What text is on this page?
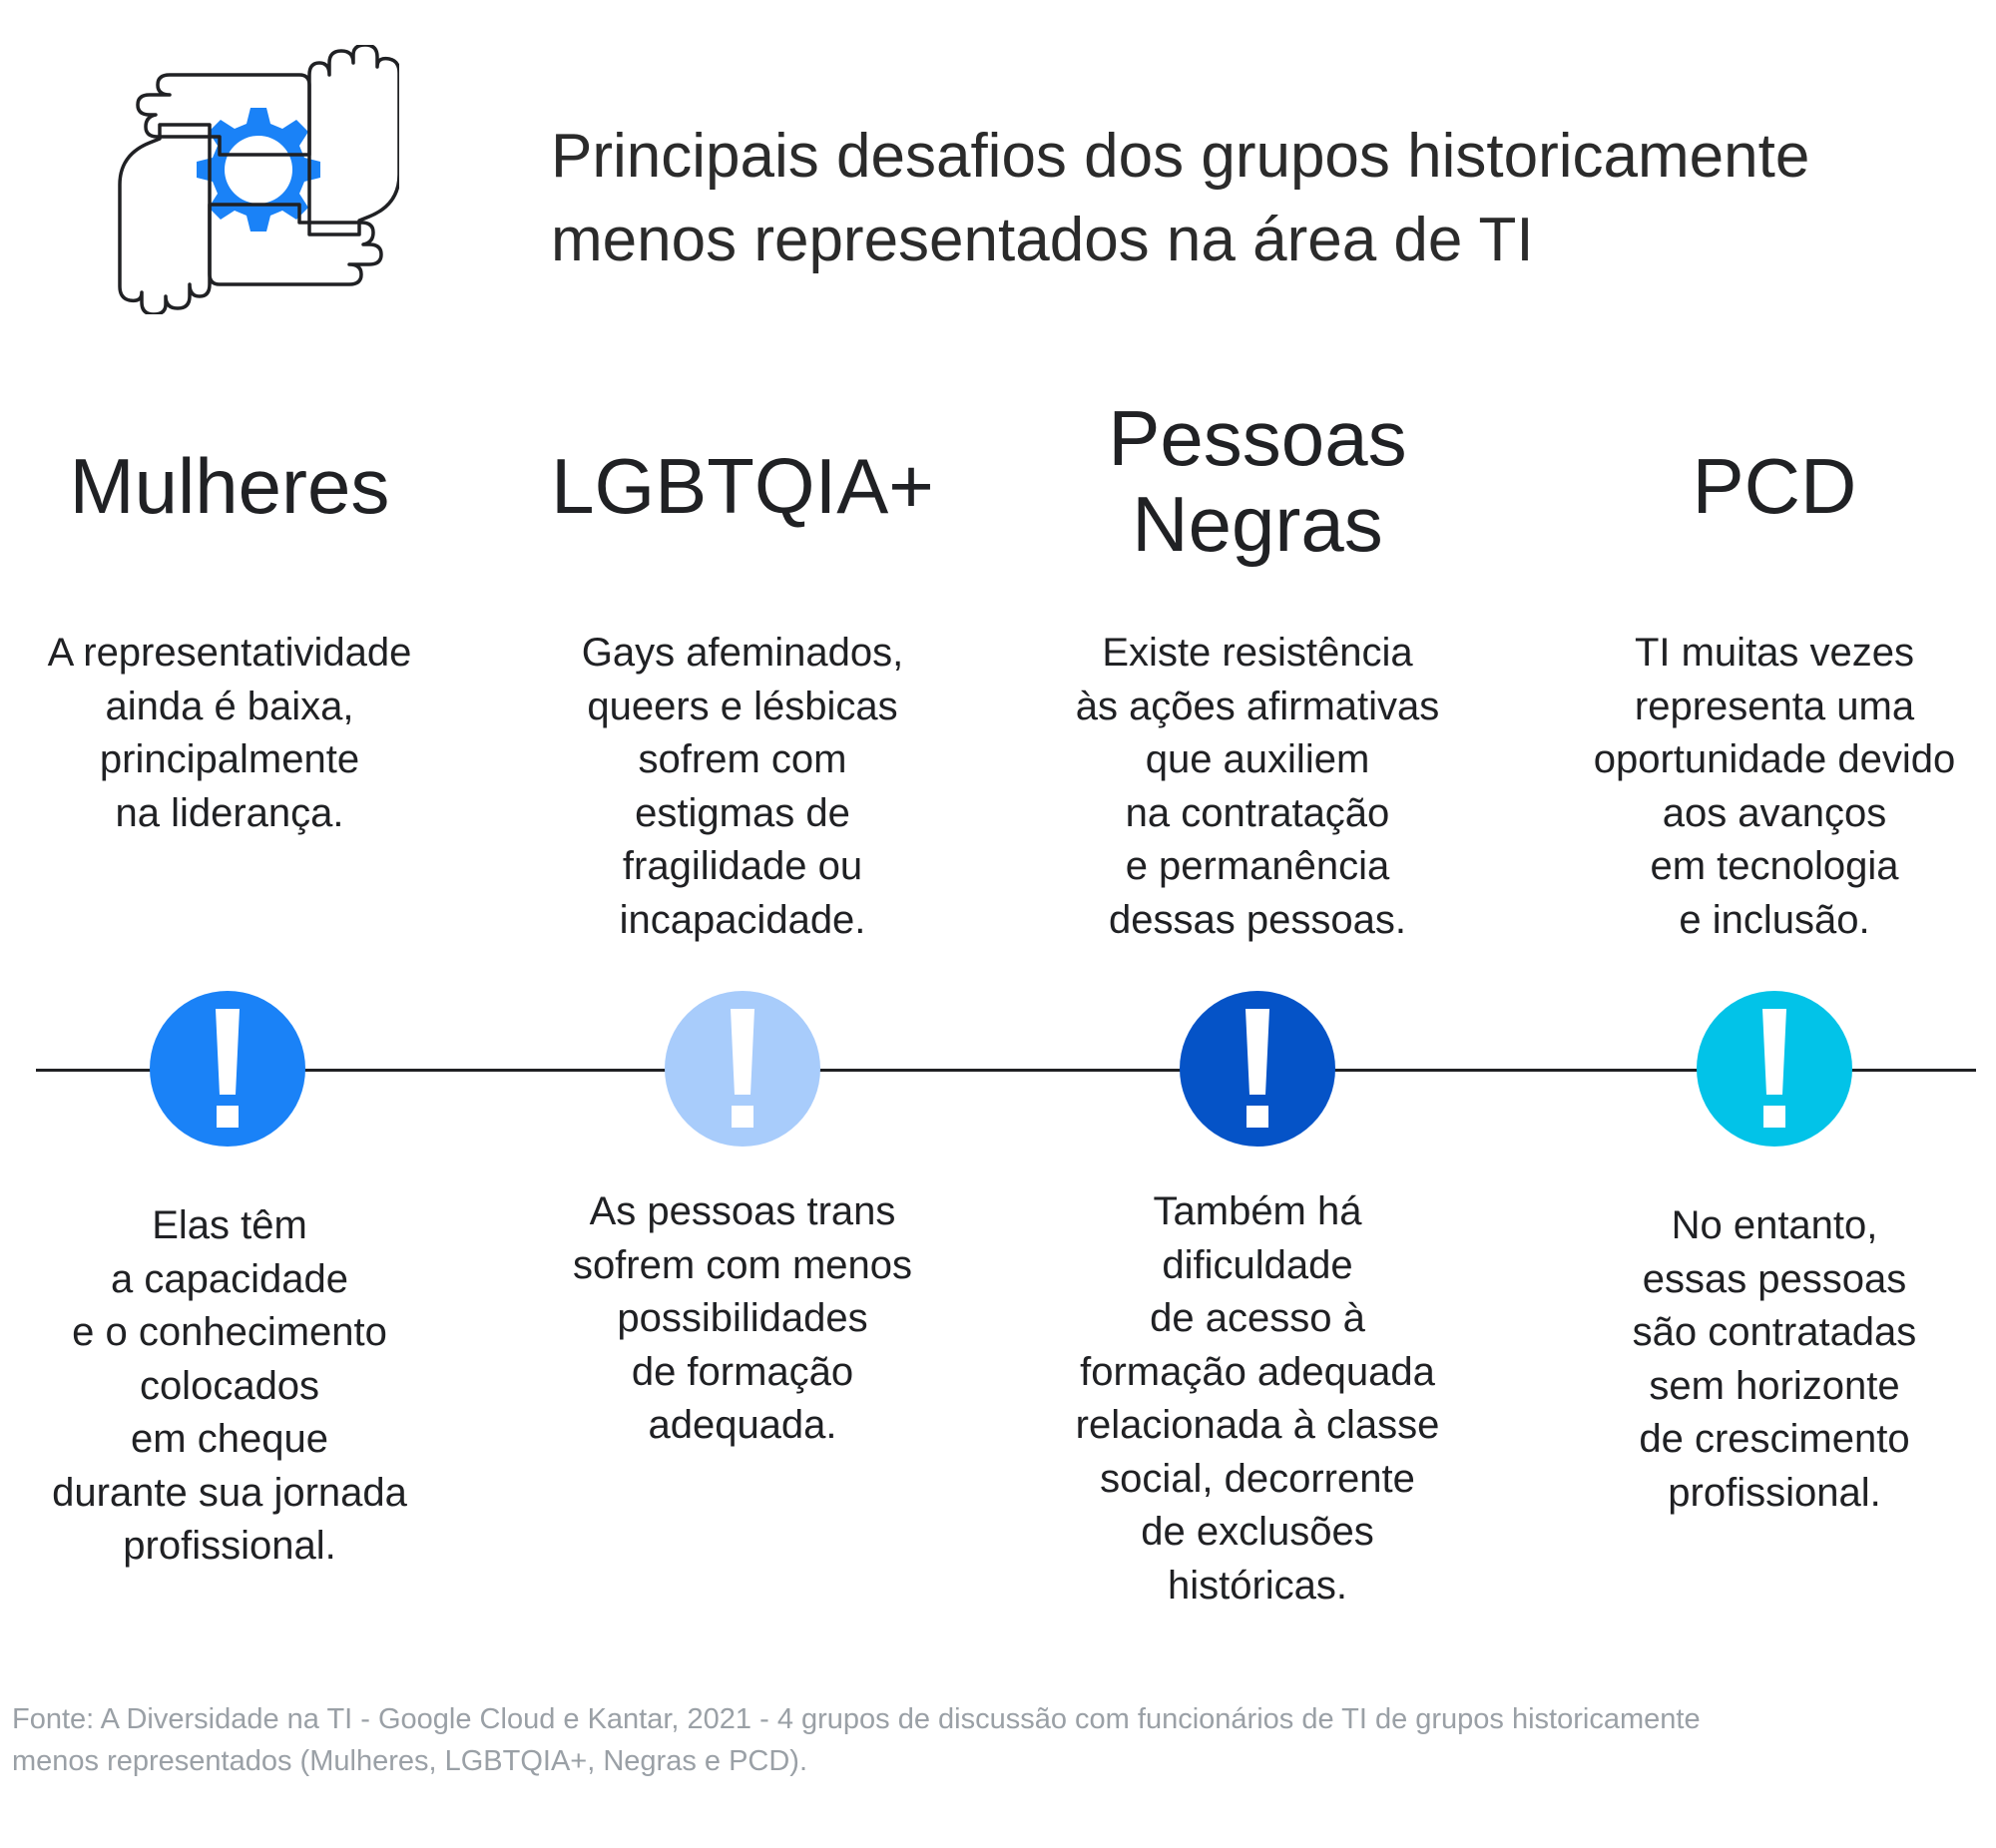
Principais desafios dos grupos historicamente
menos representados na área de TI
Mulheres
A representatividade
ainda é baixa,
principalmente
na liderança.
Elas têm
a capacidade
e o conhecimento
colocados
em cheque
durante sua jornada
profissional.
LGBTQIA+
Gays afeminados,
queers e lésbicas
sofrem com
estigmas de
fragilidade ou
incapacidade.
As pessoas trans
sofrem com menos
possibilidades
de formação
adequada.
Pessoas
Negras
Existe resistência
às ações afirmativas
que auxiliem
na contratação
e permanência
dessas pessoas.
Também há
dificuldade
de acesso à
formação adequada
relacionada à classe
social, decorrente
de exclusões
históricas.
PCD
TI muitas vezes
representa uma
oportunidade devido
aos avanços
em tecnologia
e inclusão.
No entanto,
essas pessoas
são contratadas
sem horizonte
de crescimento
profissional.
Fonte: A Diversidade na TI - Google Cloud e Kantar, 2021 - 4 grupos de discussão com funcionários de TI de grupos historicamente
menos representados (Mulheres, LGBTQIA+, Negras e PCD).
